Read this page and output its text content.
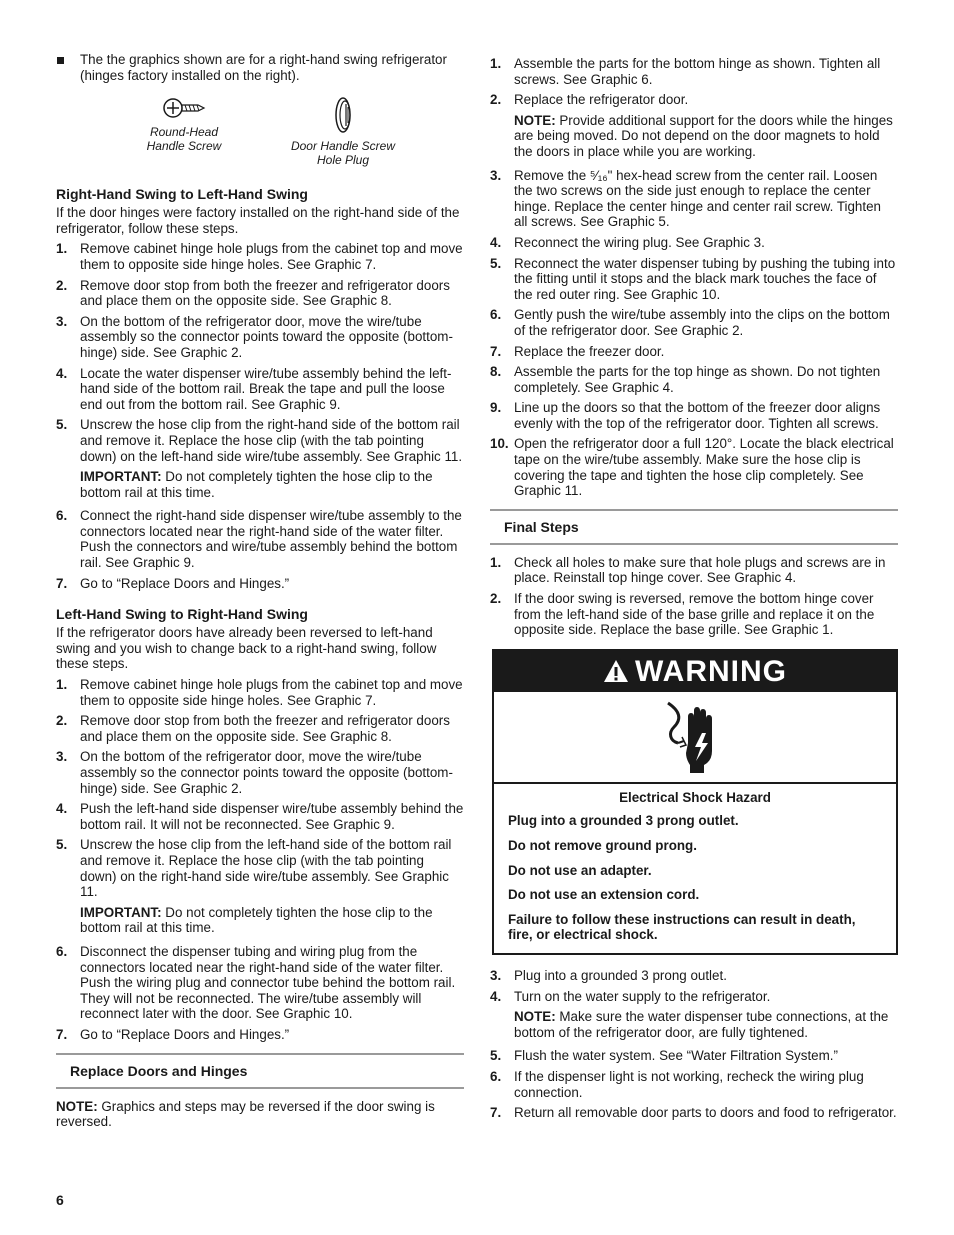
The the graphics shown are for a right-hand swing refrigerator (hinges factory installed on the right).

Round-Head Handle Screw	Door Handle Screw Hole Plug
Right-Hand Swing to Left-Hand Swing

If the door hinges were factory installed on the right-hand side of the refrigerator, follow these steps.

1. Remove cabinet hinge hole plugs from the cabinet top and move them to opposite side hinge holes. See Graphic 7.
2. Remove door stop from both the freezer and refrigerator doors and place them on the opposite side. See Graphic 8.
3. On the bottom of the refrigerator door, move the wire/tube assembly so the connector points toward the opposite (bottom-hinge) side. See Graphic 2.
4. Locate the water dispenser wire/tube assembly behind the left-hand side of the bottom rail. Break the tape and pull the loose end out from the bottom rail. See Graphic 9.
5. Unscrew the hose clip from the right-hand side of the bottom rail and remove it. Replace the hose clip (with the tab pointing down) on the left-hand side wire/tube assembly. See Graphic 11.

IMPORTANT: Do not completely tighten the hose clip to the bottom rail at this time.

6. Connect the right-hand side dispenser wire/tube assembly to the connectors located near the right-hand side of the water filter. Push the connectors and wire/tube assembly behind the bottom rail. See Graphic 9.
7. Go to “Replace Doors and Hinges.”
Left-Hand Swing to Right-Hand Swing

If the refrigerator doors have already been reversed to left-hand swing and you wish to change back to a right-hand swing, follow these steps.

1. Remove cabinet hinge hole plugs from the cabinet top and move them to opposite side hinge holes. See Graphic 7.
2. Remove door stop from both the freezer and refrigerator doors and place them on the opposite side. See Graphic 8.
3. On the bottom of the refrigerator door, move the wire/tube assembly so the connector points toward the opposite (bottom-hinge) side. See Graphic 2.
4. Push the left-hand side dispenser wire/tube assembly behind the bottom rail. It will not be reconnected. See Graphic 9.
5. Unscrew the hose clip from the left-hand side of the bottom rail and remove it. Replace the hose clip (with the tab pointing down) on the right-hand side wire/tube assembly. See Graphic 11.

IMPORTANT: Do not completely tighten the hose clip to the bottom rail at this time.

6. Disconnect the dispenser tubing and wiring plug from the connectors located near the right-hand side of the water filter. Push the wiring plug and connector tube behind the bottom rail. They will not be reconnected. The wire/tube assembly will reconnect later with the door. See Graphic 10.
7. Go to “Replace Doors and Hinges.”
Replace Doors and Hinges

NOTE: Graphics and steps may be reversed if the door swing is reversed.

1. Assemble the parts for the bottom hinge as shown. Tighten all screws. See Graphic 6.
2. Replace the refrigerator door.

NOTE: Provide additional support for the doors while the hinges are being moved. Do not depend on the door magnets to hold the doors in place while you are working.

3. Remove the ⁵⁄₁₆" hex-head screw from the center rail. Loosen the two screws on the side just enough to replace the center hinge. Replace the center hinge and center rail screw. Tighten all screws. See Graphic 5.
4. Reconnect the wiring plug. See Graphic 3.
5. Reconnect the water dispenser tubing by pushing the tubing into the fitting until it stops and the black mark touches the face of the red outer ring. See Graphic 10.
6. Gently push the wire/tube assembly into the clips on the bottom of the refrigerator door. See Graphic 2.
7. Replace the freezer door.
8. Assemble the parts for the top hinge as shown. Do not tighten completely. See Graphic 4.
9. Line up the doors so that the bottom of the freezer door aligns evenly with the top of the refrigerator door. Tighten all screws.
10. Open the refrigerator door a full 120°. Locate the black electrical tape on the wire/tube assembly. Make sure the hose clip is covering the tape and tighten the hose clip completely. See Graphic 11.
Final Steps
1. Check all holes to make sure that hole plugs and screws are in place. Reinstall top hinge cover. See Graphic 4.
2. If the door swing is reversed, remove the bottom hinge cover from the left-hand side of the base grille and replace it on the opposite side. Replace the base grille. See Graphic 1.
WARNING
Electrical Shock Hazard

Plug into a grounded 3 prong outlet.

Do not remove ground prong.

Do not use an adapter.

Do not use an extension cord.

Failure to follow these instructions can result in death, fire, or electrical shock.

3. Plug into a grounded 3 prong outlet.
4. Turn on the water supply to the refrigerator.

NOTE: Make sure the water dispenser tube connections, at the bottom of the refrigerator door, are fully tightened.

5. Flush the water system. See “Water Filtration System.”
6. If the dispenser light is not working, recheck the wiring plug connection.
7. Return all removable door parts to doors and food to refrigerator.
6
